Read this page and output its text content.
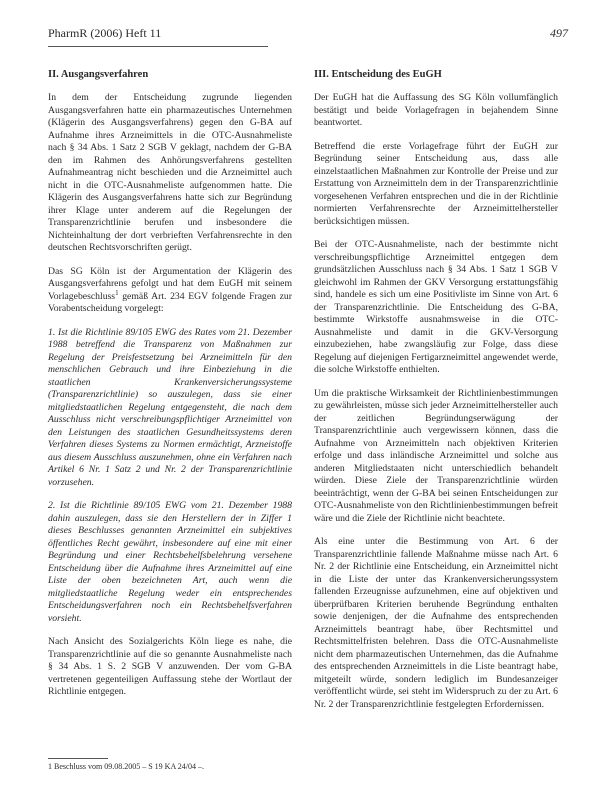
PharmR (2006) Heft 11	497
II. Ausgangsverfahren

In dem der Entscheidung zugrunde liegenden Ausgangsverfahren hatte ein pharmazeutisches Unternehmen (Klägerin des Ausgangsverfahrens) gegen den G-BA auf Aufnahme ihres Arzneimittels in die OTC-Ausnahmeliste nach § 34 Abs. 1 Satz 2 SGB V geklagt, nachdem der G-BA den im Rahmen des Anhörungsverfahrens gestellten Aufnahmeantrag nicht beschieden und die Arzneimittel auch nicht in die OTC-Ausnahmeliste aufgenommen hatte. Die Klägerin des Ausgangsverfahrens hatte sich zur Begründung ihrer Klage unter anderem auf die Regelungen der Transparenzrichtlinie berufen und insbesondere die Nichteinhaltung der dort verbrieften Verfahrensrechte in den deutschen Rechtsvorschriften gerügt.

Das SG Köln ist der Argumentation der Klägerin des Ausgangsverfahrens gefolgt und hat dem EuGH mit seinem Vorlagebeschluss$^1$ gemäß Art. 234 EGV folgende Fragen zur Vorabentscheidung vorgelegt:

1. Ist die Richtlinie 89/105 EWG des Rates vom 21. Dezember 1988 betreffend die Transparenz von Maßnahmen zur Regelung der Preisfestsetzung bei Arzneimitteln für den menschlichen Gebrauch und ihre Einbeziehung in die staatlichen Krankenversicherungssysteme (Transparenzrichtlinie) so auszulegen, dass sie einer mitgliedstaatlichen Regelung entgegensteht, die nach dem Ausschluss nicht verschreibungspflichtiger Arzneimittel von den Leistungen des staatlichen Gesundheitssystems deren Verfahren dieses Systems zu Normen ermächtigt, Arzneistoffe aus diesem Ausschluss auszunehmen, ohne ein Verfahren nach Artikel 6 Nr. 1 Satz 2 und Nr. 2 der Transparenzrichtlinie vorzusehen.

2. Ist die Richtlinie 89/105 EWG vom 21. Dezember 1988 dahin auszulegen, dass sie den Herstellern der in Ziffer 1 dieses Beschlusses genannten Arzneimittel ein subjektives öffentliches Recht gewährt, insbesondere auf eine mit einer Begründung und einer Rechtsbehelfsbelehrung versehene Entscheidung über die Aufnahme ihres Arzneimittel auf eine Liste der oben bezeichneten Art, auch wenn die mitgliedstaatliche Regelung weder ein entsprechendes Entscheidungsverfahren noch ein Rechtsbehelfsverfahren vorsieht.

Nach Ansicht des Sozialgerichts Köln liege es nahe, die Transparenzrichtlinie auf die so genannte Ausnahmeliste nach § 34 Abs. 1 S. 2 SGB V anzuwenden. Der vom G-BA vertretenen gegenteiligen Auffassung stehe der Wortlaut der Richtlinie entgegen.

1 Beschluss vom 09.08.2005 – S 19 KA 24/04 –.
III. Entscheidung des EuGH

Der EuGH hat die Auffassung des SG Köln vollumfänglich bestätigt und beide Vorlagefragen in bejahendem Sinne beantwortet.

Betreffend die erste Vorlagefrage führt der EuGH zur Begründung seiner Entscheidung aus, dass alle einzelstaatlichen Maßnahmen zur Kontrolle der Preise und zur Erstattung von Arzneimitteln dem in der Transparenzrichtlinie vorgesehenen Verfahren entsprechen und die in der Richtlinie normierten Verfahrensrechte der Arzneimittelhersteller berücksichtigen müssen.

Bei der OTC-Ausnahmeliste, nach der bestimmte nicht verschreibungspflichtige Arzneimittel entgegen dem grundsätzlichen Ausschluss nach § 34 Abs. 1 Satz 1 SGB V gleichwohl im Rahmen der GKV Versorgung erstattungsfähig sind, handele es sich um eine Positivliste im Sinne von Art. 6 der Transparenzrichtlinie. Die Entscheidung des G-BA, bestimmte Wirkstoffe ausnahmsweise in die OTC-Ausnahmeliste und damit in die GKV-Versorgung einzubeziehen, habe zwangsläufig zur Folge, dass diese Regelung auf diejenigen Fertigarzneimittel angewendet werde, die solche Wirkstoffe enthielten.

Um die praktische Wirksamkeit der Richtlinienbestimmungen zu gewährleisten, müsse sich jeder Arzneimittelhersteller auch der zeitlichen Begründungserwägung der Transparenzrichtlinie auch vergewissern können, dass die Aufnahme von Arzneimitteln nach objektiven Kriterien erfolge und dass inländische Arzneimittel und solche aus anderen Mitgliedstaaten nicht unterschiedlich behandelt würden. Diese Ziele der Transparenzrichtlinie würden beeinträchtigt, wenn der G-BA bei seinen Entscheidungen zur OTC-Ausnahmeliste von den Richtlinienbestimmungen befreit wäre und die Ziele der Richtlinie nicht beachtete.

Als eine unter die Bestimmung von Art. 6 der Transparenzrichtlinie fallende Maßnahme müsse nach Art. 6 Nr. 2 der Richtlinie eine Entscheidung, ein Arzneimittel nicht in die Liste der unter das Krankenversicherungssystem fallenden Erzeugnisse aufzunehmen, eine auf objektiven und überprüfbaren Kriterien beruhende Begründung enthalten sowie denjenigen, der die Aufnahme des entsprechenden Arzneimittels beantragt habe, über Rechtsmittel und Rechtsmittelfristen belehren. Dass die OTC-Ausnahmeliste nicht dem pharmazeutischen Unternehmen, das die Aufnahme des entsprechenden Arzneimittels in die Liste beantragt habe, mitgeteilt würde, sondern lediglich im Bundesanzeiger veröffentlicht würde, sei steht im Widerspruch zu der zu Art. 6 Nr. 2 der Transparenzrichtlinie festgelegten Erfordernissen.
